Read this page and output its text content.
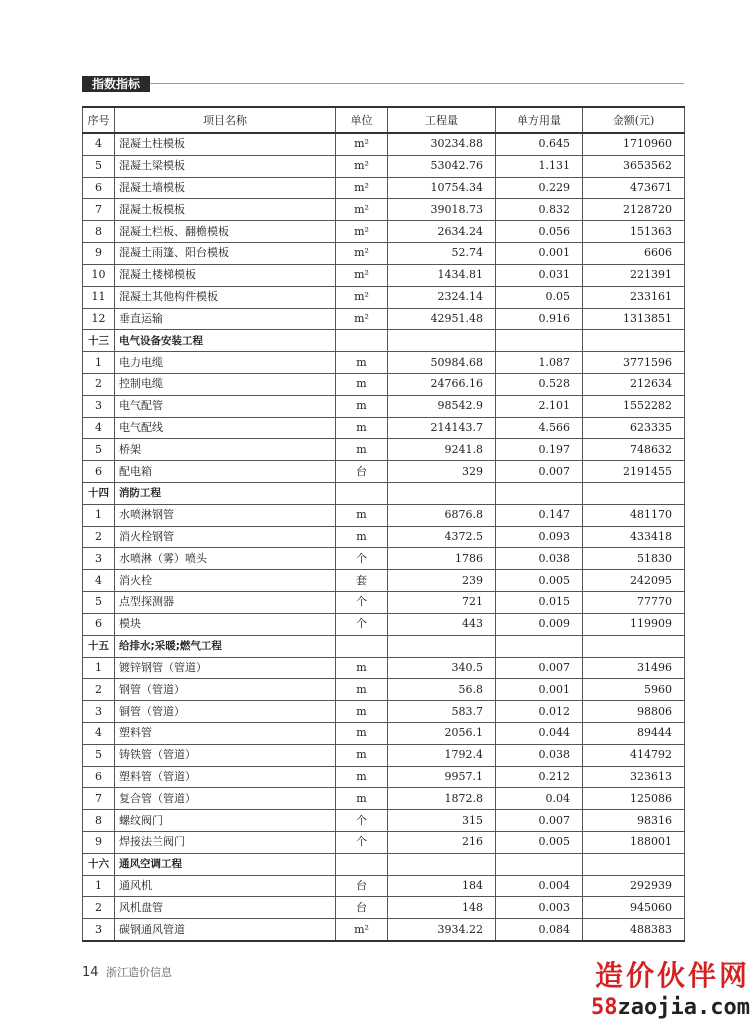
指数指标
序号	项目名称	单位	工程量	单方用量	金额(元)
4	混凝土柱模板	m²	30234.88	0.645	1710960
5	混凝土梁模板	m²	53042.76	1.131	3653562
6	混凝土墙模板	m²	10754.34	0.229	473671
7	混凝土板模板	m²	39018.73	0.832	2128720
8	混凝土栏板、翻檐模板	m²	2634.24	0.056	151363
9	混凝土雨篷、阳台模板	m²	52.74	0.001	6606
10	混凝土楼梯模板	m²	1434.81	0.031	221391
11	混凝土其他构件模板	m²	2324.14	0.05	233161
12	垂直运输	m²	42951.48	0.916	1313851
十三	电气设备安装工程				
1	电力电缆	m	50984.68	1.087	3771596
2	控制电缆	m	24766.16	0.528	212634
3	电气配管	m	98542.9	2.101	1552282
4	电气配线	m	214143.7	4.566	623335
5	桥架	m	9241.8	0.197	748632
6	配电箱	台	329	0.007	2191455
十四	消防工程				
1	水喷淋钢管	m	6876.8	0.147	481170
2	消火栓钢管	m	4372.5	0.093	433418
3	水喷淋（雾）喷头	个	1786	0.038	51830
4	消火栓	套	239	0.005	242095
5	点型探测器	个	721	0.015	77770
6	模块	个	443	0.009	119909
十五	给排水;采暖;燃气工程				
1	镀锌钢管（管道）	m	340.5	0.007	31496
2	钢管（管道）	m	56.8	0.001	5960
3	铜管（管道）	m	583.7	0.012	98806
4	塑料管	m	2056.1	0.044	89444
5	铸铁管（管道）	m	1792.4	0.038	414792
6	塑料管（管道）	m	9957.1	0.212	323613
7	复合管（管道）	m	1872.8	0.04	125086
8	螺纹阀门	个	315	0.007	98316
9	焊接法兰阀门	个	216	0.005	188001
十六	通风空调工程				
1	通风机	台	184	0.004	292939
2	风机盘管	台	148	0.003	945060
3	碳钢通风管道	m²	3934.22	0.084	488383
14 浙江造价信息	造价伙伴网
58zaojia.com
